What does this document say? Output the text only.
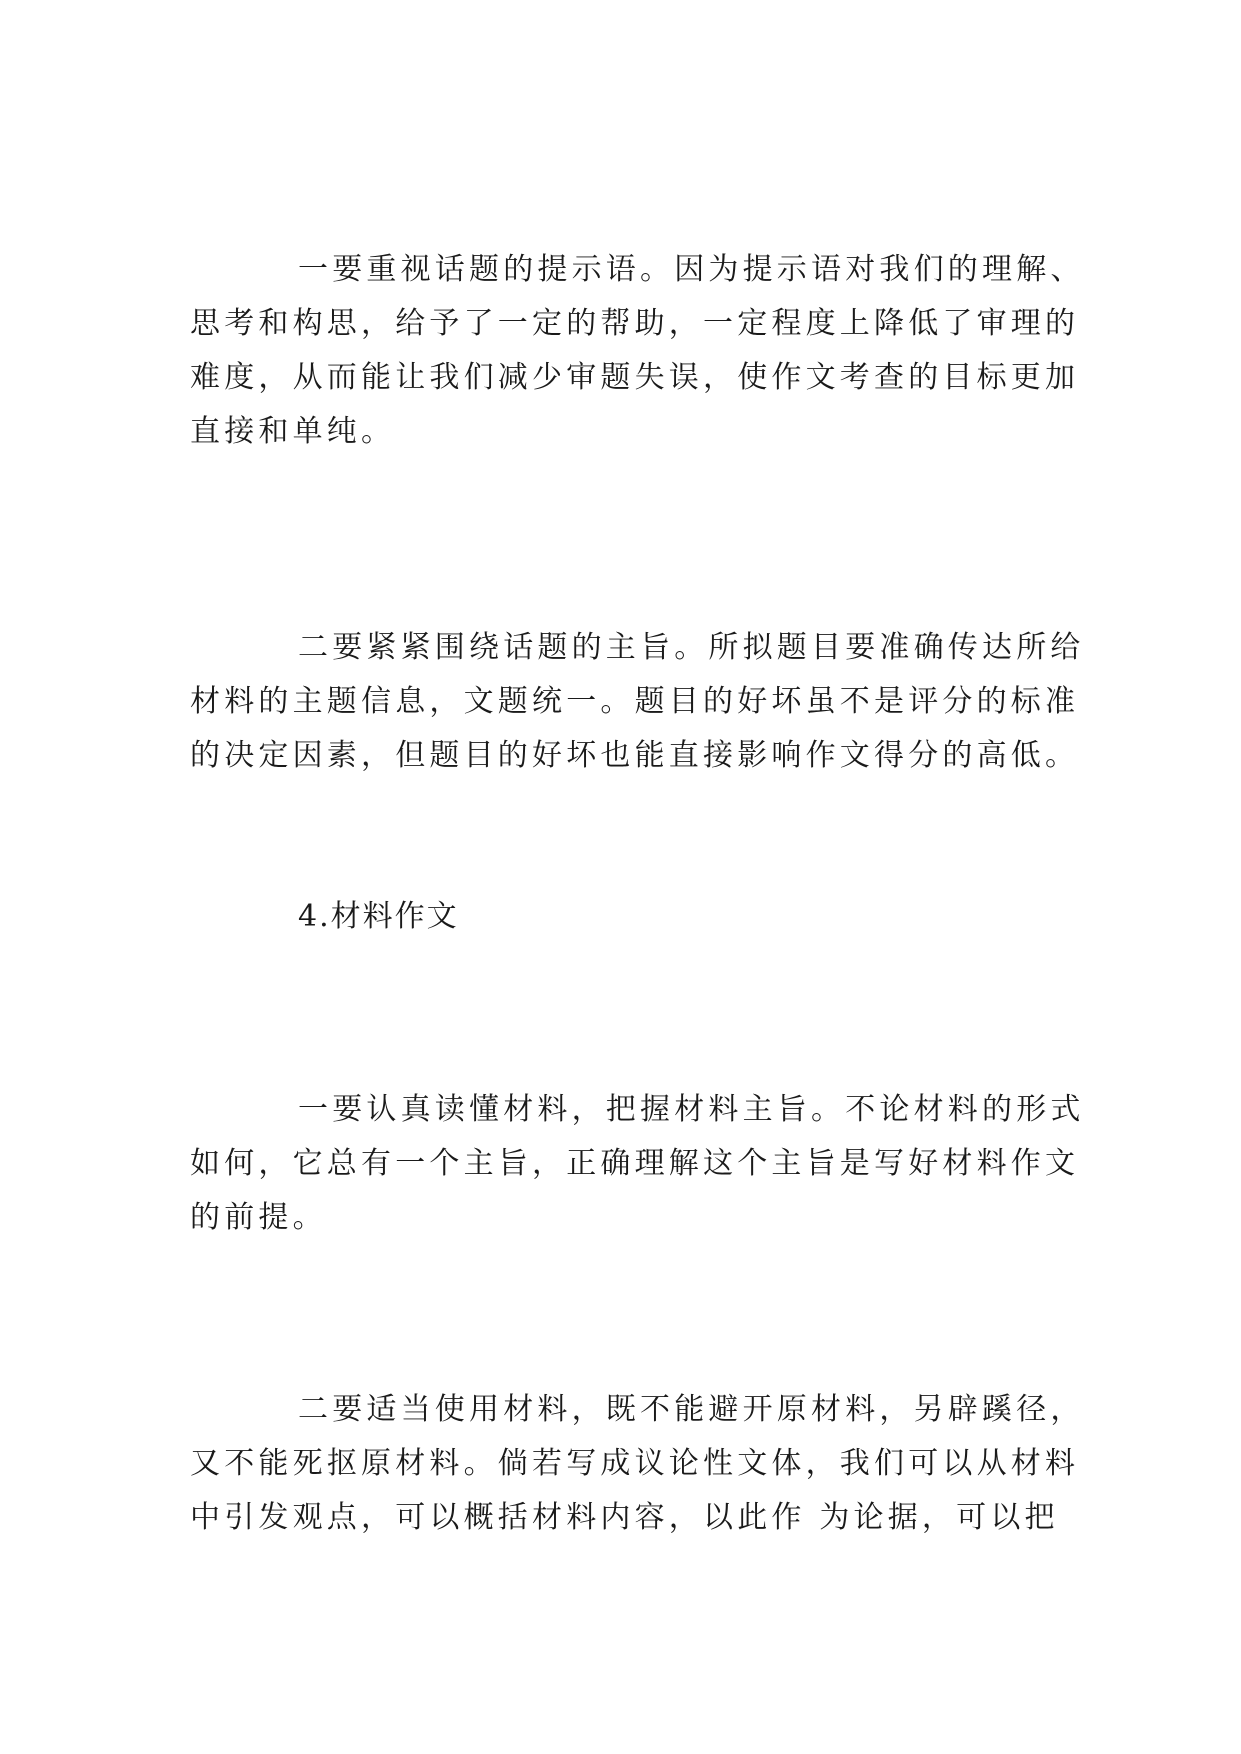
一要重视话题的提示语。因为提示语对我们的理解、
思考和构思，给予了一定的帮助，一定程度上降低了审理的
难度，从而能让我们减少审题失误，使作文考查的目标更加
直接和单纯。
二要紧紧围绕话题的主旨。所拟题目要准确传达所给
材料的主题信息，文题统一。题目的好坏虽不是评分的标准
的决定因素，但题目的好坏也能直接影响作文得分的高低。
4.材料作文
一要认真读懂材料，把握材料主旨。不论材料的形式
如何，它总有一个主旨，正确理解这个主旨是写好材料作文
的前提。
二要适当使用材料，既不能避开原材料，另辟蹊径，
又不能死抠原材料。倘若写成议论性文体，我们可以从材料
中引发观点，可以概括材料内容，以此作 为论据，可以把
